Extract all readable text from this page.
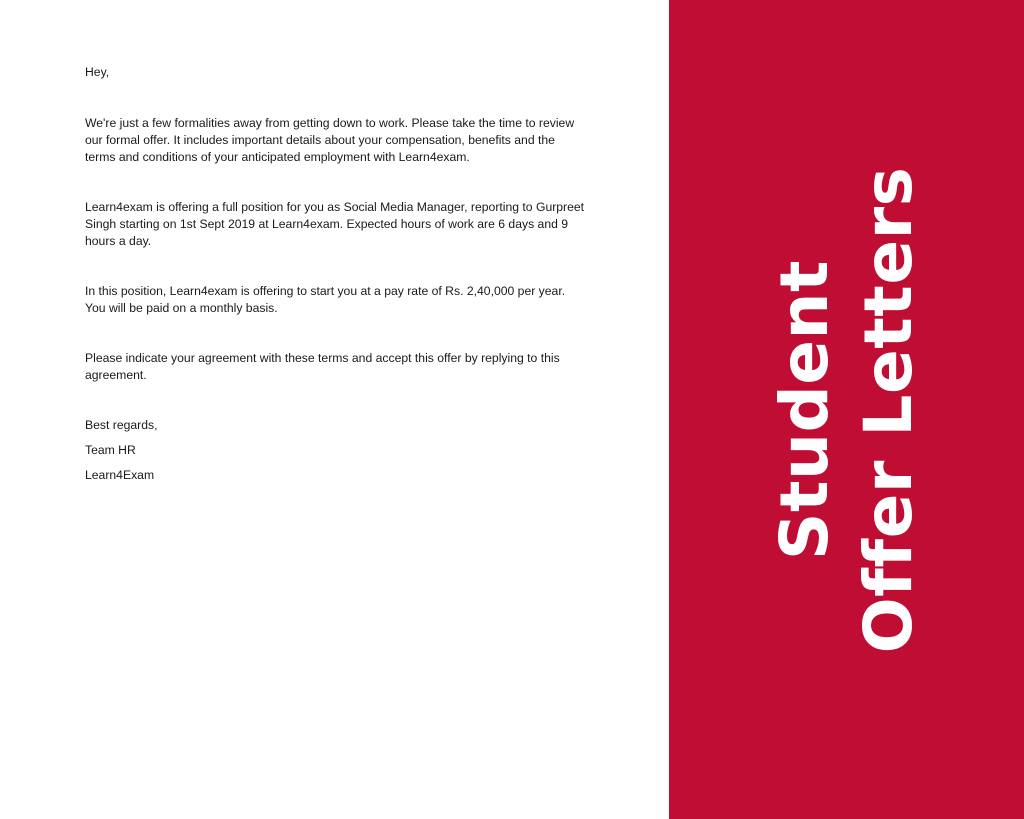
Hey,

We're just a few formalities away from getting down to work. Please take the time to review our formal offer. It includes important details about your compensation, benefits and the terms and conditions of your anticipated employment with Learn4exam.

Learn4exam is offering a full position for you as Social Media Manager, reporting to Gurpreet Singh starting on 1st Sept 2019 at Learn4exam. Expected hours of work are 6 days and 9 hours a day.

In this position, Learn4exam is offering to start you at a pay rate of Rs. 2,40,000 per year. You will be paid on a monthly basis.

Please indicate your agreement with these terms and accept this offer by replying to this agreement.

Best regards,

Team HR

Learn4Exam	Student Offer Letters
